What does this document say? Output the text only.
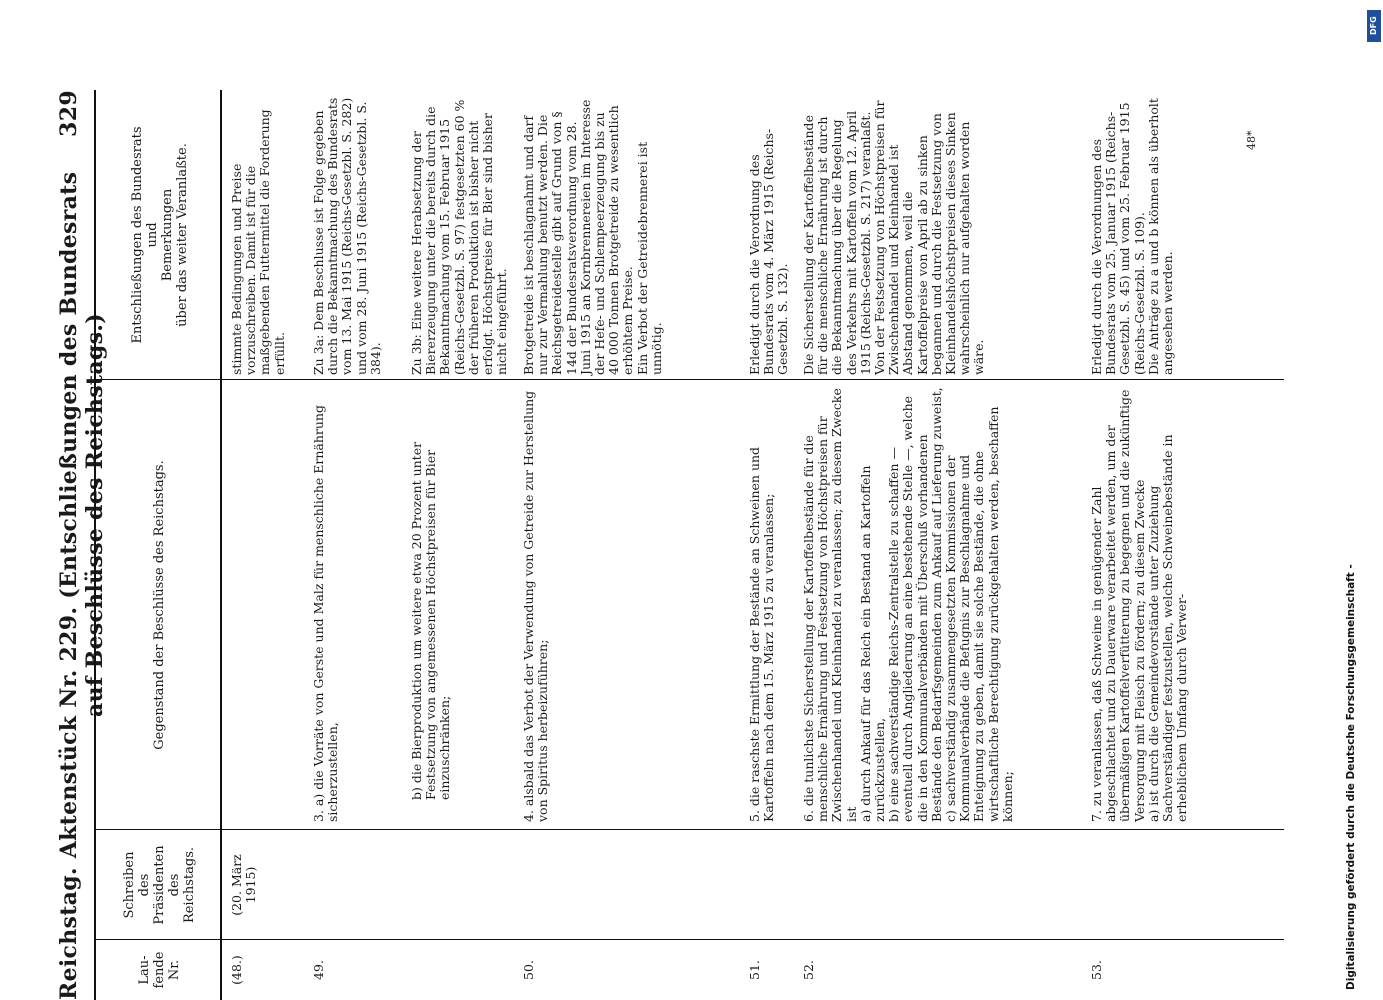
Reichstag.
Aktenstück Nr. 229. (Entschließungen des Bundesrats auf Beschlüsse des Reichstags.)
329
Lau-
fende
Nr.
Schreiben
des
Präsidenten
des
Reichstags.
Gegenstand der Beschlüsse des Reichstags.
Entschließungen des Bundesrats
und
Bemerkungen
über das weiter Veranlaßte.
(48.)
(20. März
1915)
stimmte Bedingungen und Preise vorzuschreiben. Damit ist für die maßgebenden Futtermittel die Forderung erfüllt.
49.
3. a) die Vorräte von Gerste und Malz für menschliche Ernährung sicherzustellen,
Zu 3a: Dem Beschlusse ist Folge gegeben durch die Bekanntmachung des Bundesrats vom 13. Mai 1915 (Reichs-Gesetzbl. S. 282) und vom 28. Juni 1915 (Reichs-Gesetzbl. S. 384).
b) die Bierproduktion um weitere etwa 20 Prozent unter Festsetzung von angemessenen Höchstpreisen für Bier einzuschränken;
Zu 3b: Eine weitere Herabsetzung der Biererzeugung unter die bereits durch die Bekanntmachung vom 15. Februar 1915 (Reichs-Gesetzbl. S. 97) festgesetzten 60 % der früheren Produktion ist bisher nicht erfolgt. Höchstpreise für Bier sind bisher nicht eingeführt.
50.
4. alsbald das Verbot der Verwendung von Getreide zur Herstellung von Spiritus herbeizuführen;
Brotgetreide ist beschlagnahmt und darf nur zur Vermahlung benutzt werden. Die Reichsgetreidestelle gibt auf Grund von § 14d der Bundesratsverordnung vom 28. Juni 1915 an Kornbrennereien im Interesse der Hefe- und Schlempeerzeugung bis zu 40 000 Tonnen Brotgetreide zu wesentlich erhöhtem Preise.
Ein Verbot der Getreidebrennerei ist unnötig.
51.
5. die raschste Ermittlung der Bestände an Schweinen und Kartoffeln nach dem 15. März 1915 zu veranlassen;
Erledigt durch die Verordnung des Bundesrats vom 4. März 1915 (Reichs-Gesetzbl. S. 132).
52.
6. die tunlichste Sicherstellung der Kartoffelbestände für die menschliche Ernährung und Festsetzung von Höchstpreisen für Zwischenhandel und Kleinhandel zu veranlassen; zu diesem Zwecke ist
a) durch Ankauf für das Reich ein Bestand an Kartoffeln zurückzustellen,
b) eine sachverständige Reichs-Zentralstelle zu schaffen — eventuell durch Angliederung an eine bestehende Stelle —, welche die in den Kommunalverbänden mit Überschuß vorhandenen Bestände den Bedarfsgemeinden zum Ankauf auf Lieferung zuweist,
c) sachverständig zusammengesetzten Kommissionen der Kommunalverbände die Befugnis zur Beschlagnahme und Enteignung zu geben, damit sie solche Bestände, die ohne wirtschaftliche Berechtigung zurückgehalten werden, beschaffen können;
Die Sicherstellung der Kartoffelbestände für die menschliche Ernährung ist durch die Bekanntmachung über die Regelung des Verkehrs mit Kartoffeln vom 12. April 1915 (Reichs-Gesetzbl. S. 217) veranlaßt.
Von der Festsetzung von Höchstpreisen für Zwischenhandel und Kleinhandel ist Abstand genommen, weil die Kartoffelpreise von April ab zu sinken begannen und durch die Festsetzung von Kleinhandelshöchstpreisen dieses Sinken wahrscheinlich nur aufgehalten worden wäre.
53.
7. zu veranlassen, daß Schweine in genügender Zahl abgeschlachtet und zu Dauerware verarbeitet werden, um der übermäßigen Kartoffelverfütterung zu begegnen und die zukünftige Versorgung mit Fleisch zu fördern; zu diesem Zwecke
a) ist durch die Gemeindevorstände unter Zuziehung Sachverständiger festzustellen, welche Schweinebestände in erheblichem Umfang durch Verwer-
Erledigt durch die Verordnungen des Bundesrats vom 25. Januar 1915 (Reichs-Gesetzbl. S. 45) und vom 25. Februar 1915 (Reichs-Gesetzbl. S. 109).
Die Anträge zu a und b können als überholt angesehen werden.
48*
Digitalisierung gefördert durch die Deutsche Forschungsgemeinschaft -
DFG
